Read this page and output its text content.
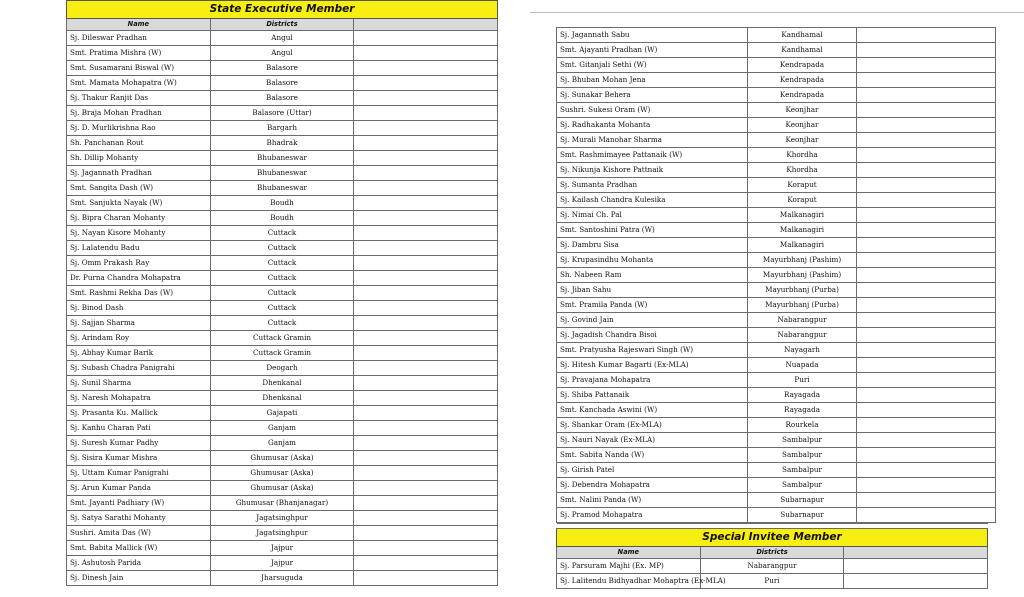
State Executive Member		
Name	Districts	
Sj. Dileswar Pradhan	Angul	
Smt. Pratima Mishra (W)	Angul	
Smt. Susamarani Biswal (W)	Balasore	
Smt. Mamata Mohapatra (W)	Balasore	
Sj. Thakur Ranjit Das	Balasore	
Sj. Braja Mohan Pradhan	Balasore (Uttar)	
Sj. D. Murlikrishna Rao	Bargarh	
Sh. Panchanan Rout	Bhadrak	
Sh. Dillip Mohanty	Bhubaneswar	
Sj. Jagannath Pradhan	Bhubaneswar	
Smt. Sangita Dash (W)	Bhubaneswar	
Smt. Sanjukta Nayak (W)	Boudh	
Sj. Bipra Charan Mohanty	Boudh	
Sj. Nayan Kisore Mohanty	Cuttack	
Sj. Lalatendu Badu	Cuttack	
Sj. Omm Prakash Ray	Cuttack	
Dr. Purna Chandra Mohapatra	Cuttack	
Smt. Rashmi Rekha Das (W)	Cuttack	
Sj. Binod Dash	Cuttack	
Sj. Sajjan Sharma	Cuttack	
Sj. Arindam Roy	Cuttack Gramin	
Sj. Abhay Kumar Barik	Cuttack Gramin	
Sj. Subash Chadra Panigrahi	Deogarh	
Sj. Sunil Sharma	Dhenkanal	
Sj. Naresh Mohapatra	Dhenkanal	
Sj. Prasanta Ku. Mallick	Gajapati	
Sj. Kanhu Charan Pati	Ganjam	
Sj. Suresh Kumar Padhy	Ganjam	
Sj. Sisira Kumar Mishra	Ghumusar (Aska)	
Sj. Uttam Kumar Panigrahi	Ghumusar (Aska)	
Sj. Arun Kumar Panda	Ghumusar (Aska)	
Smt. Jayanti Padhiary (W)	Ghumusar (Bhanjanagar)	
Sj. Satya Sarathi Mohanty	Jagatsinghpur	
Sushri. Amita Das (W)	Jagatsinghpur	
Smt. Babita Mallick (W)	Jajpur	
Sj. Ashutosh Parida	Jajpur	
Sj. Dinesh Jain	Jharsuguda	
Sj. Jagannath Sabu	Kandhamal	
Smt. Ajayanti Pradhan (W)	Kandhamal	
Smt. Gitanjali Sethi (W)	Kendrapada	
Sj. Bhuban Mohan Jena	Kendrapada	
Sj. Sunakar Behera	Kendrapada	
Sushri. Sukesi Oram (W)	Keonjhar	
Sj. Radhakanta Mohanta	Keonjhar	
Sj. Murali Manohar Sharma	Keonjhar	
Smt. Rashmimayee Pattanaik (W)	Khordha	
Sj. Nikunja Kishore Pattnaik	Khordha	
Sj. Sumanta Pradhan	Koraput	
Sj. Kailash Chandra Kulesika	Koraput	
Sj. Nimai Ch. Pal	Malkanagiri	
Smt. Santoshini Patra (W)	Malkanagiri	
Sj. Dambru Sisa	Malkanagiri	
Sj. Krupasindhu Mohanta	Mayurbhanj (Pashim)	
Sh. Nabeen Ram	Mayurbhanj (Pashim)	
Sj. Jiban Sahu	Mayurbhanj (Purba)	
Smt. Pramila Panda (W)	Mayurbhanj (Purba)	
Sj. Govind Jain	Nabarangpur	
Sj. Jagadish Chandra Bisoi	Nabarangpur	
Smt. Pratyusha Rajeswari Singh (W)	Nayagarh	
Sj. Hitesh Kumar Bagarti (Ex-MLA)	Nuapada	
Sj. Pravajana Mohapatra	Puri	
Sj. Shiba Pattanaik	Rayagada	
Smt. Kanchada Aswini (W)	Rayagada	
Sj. Shankar Oram (Ex-MLA)	Rourkela	
Sj. Nauri Nayak (Ex-MLA)	Sambalpur	
Smt. Sabita Nanda (W)	Sambalpur	
Sj. Girish Patel	Sambalpur	
Sj. Debendra Mohapatra	Sambalpur	
Smt. Nalini Panda (W)	Subarnapur	
Sj. Pramod Mohapatra	Subarnapur	

Special Invitee Member		
Name	Districts	
Sj. Parsuram Majhi (Ex. MP)	Nabarangpur	
Sj. Lalitendu Bidhyadhar Mohaptra (Ex-MLA)	Puri	
